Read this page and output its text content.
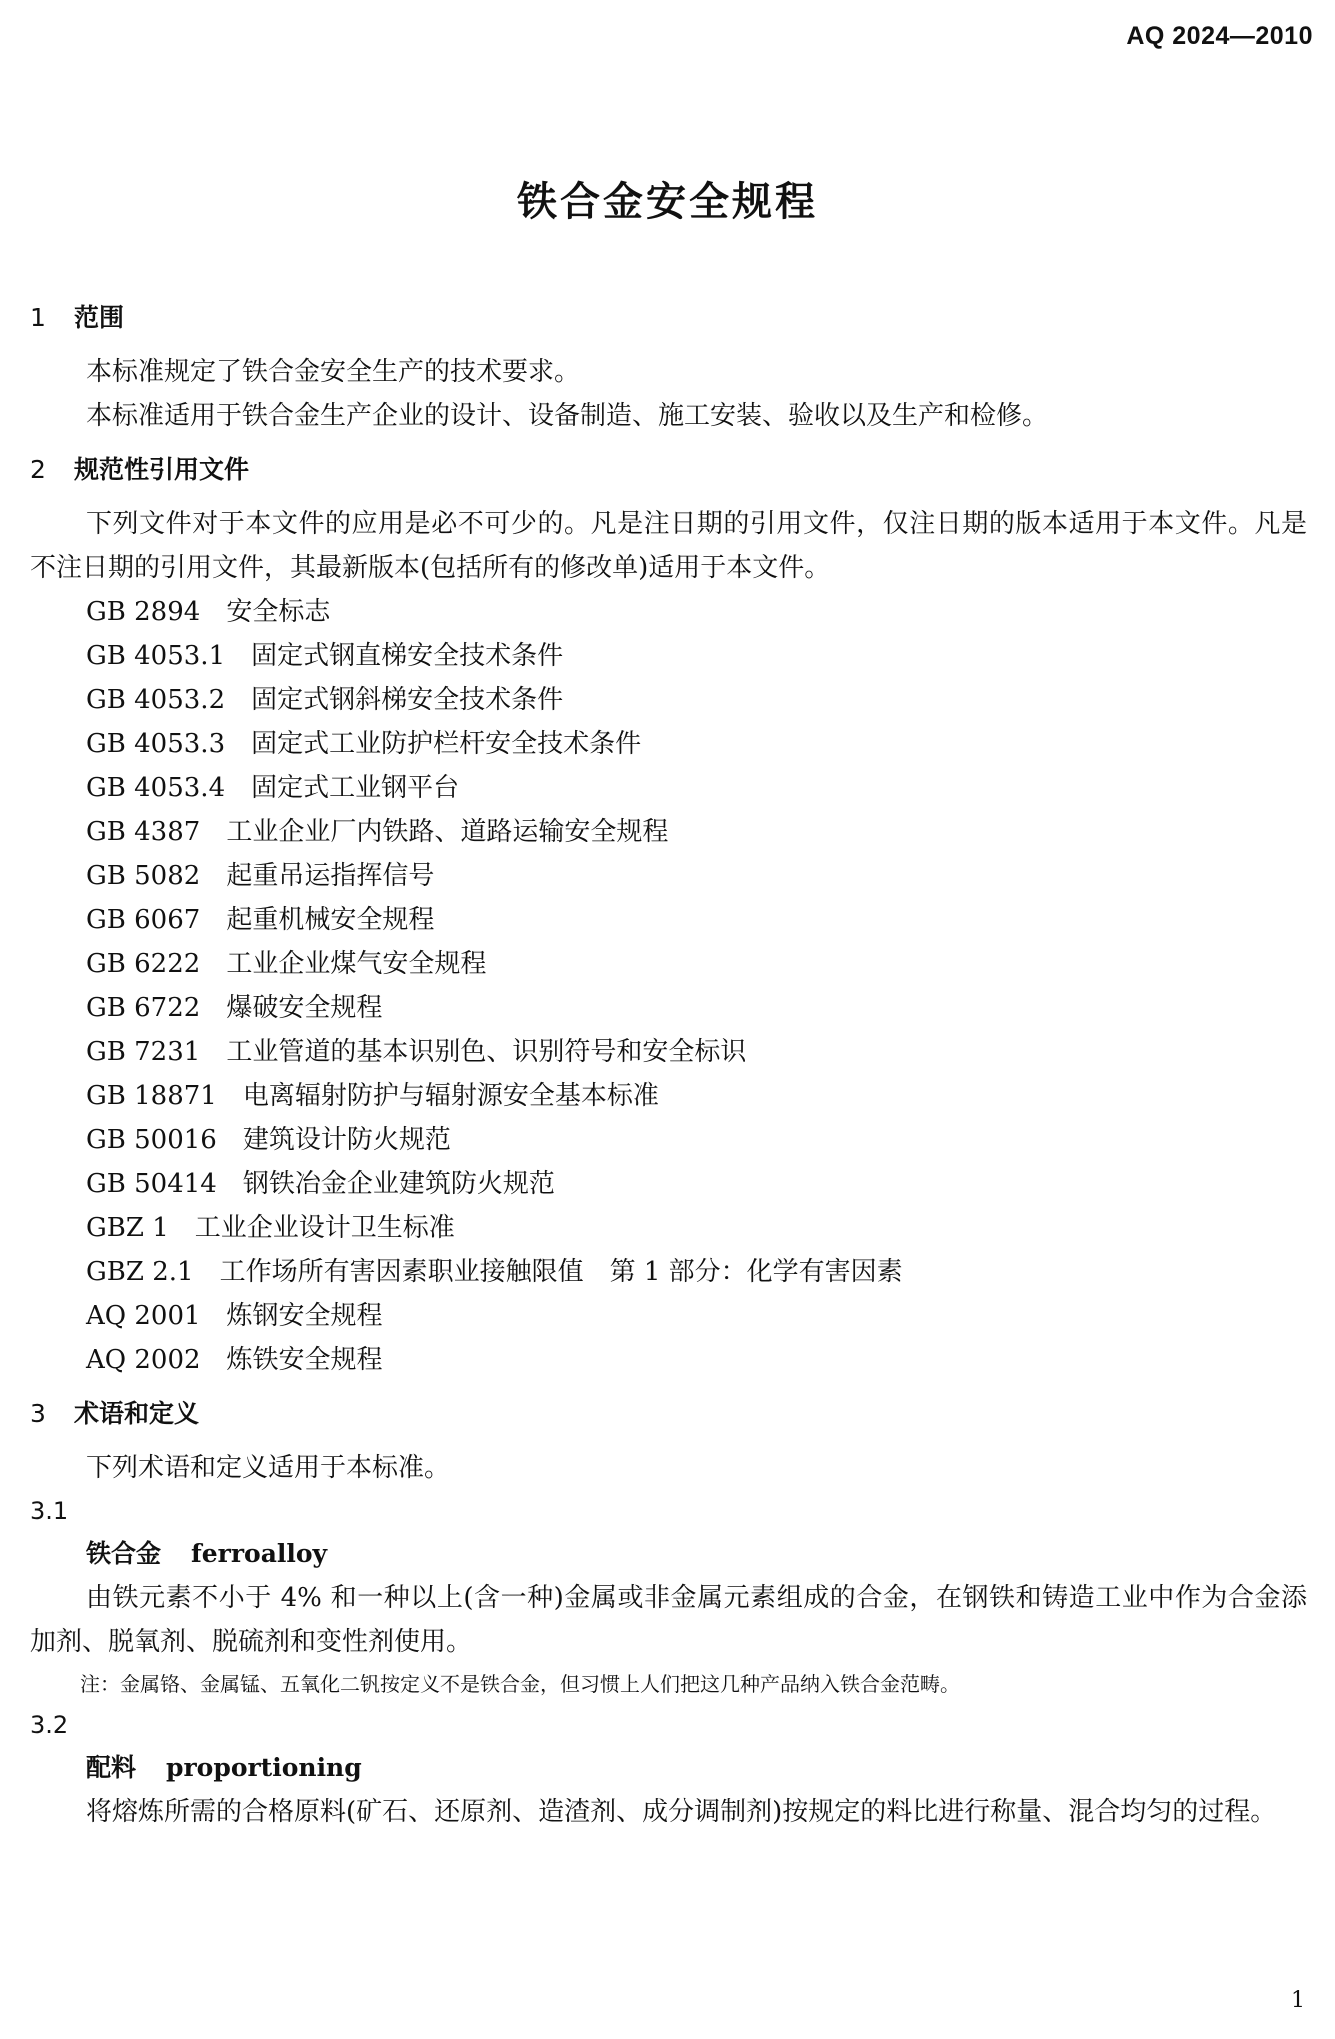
AQ 2024—2010
铁合金安全规程
1 范围

本标准规定了铁合金安全生产的技术要求。

本标准适用于铁合金生产企业的设计、设备制造、施工安装、验收以及生产和检修。

2 规范性引用文件

下列文件对于本文件的应用是必不可少的。凡是注日期的引用文件，仅注日期的版本适用于本文件。凡是不注日期的引用文件，其最新版本(包括所有的修改单)适用于本文件。

GB 2894 安全标志
GB 4053.1 固定式钢直梯安全技术条件
GB 4053.2 固定式钢斜梯安全技术条件
GB 4053.3 固定式工业防护栏杆安全技术条件
GB 4053.4 固定式工业钢平台
GB 4387 工业企业厂内铁路、道路运输安全规程
GB 5082 起重吊运指挥信号
GB 6067 起重机械安全规程
GB 6222 工业企业煤气安全规程
GB 6722 爆破安全规程
GB 7231 工业管道的基本识别色、识别符号和安全标识
GB 18871 电离辐射防护与辐射源安全基本标准
GB 50016 建筑设计防火规范
GB 50414 钢铁冶金企业建筑防火规范
GBZ 1 工业企业设计卫生标准
GBZ 2.1 工作场所有害因素职业接触限值　第 1 部分：化学有害因素
AQ 2001 炼钢安全规程
AQ 2002 炼铁安全规程
3 术语和定义

下列术语和定义适用于本标准。

3.1
铁合金 ferroalloy

由铁元素不小于 4% 和一种以上(含一种)金属或非金属元素组成的合金，在钢铁和铸造工业中作为合金添加剂、脱氧剂、脱硫剂和变性剂使用。

注：金属铬、金属锰、五氧化二钒按定义不是铁合金，但习惯上人们把这几种产品纳入铁合金范畴。
3.2
配料 proportioning

将熔炼所需的合格原料(矿石、还原剂、造渣剂、成分调制剂)按规定的料比进行称量、混合均匀的过程。

1
